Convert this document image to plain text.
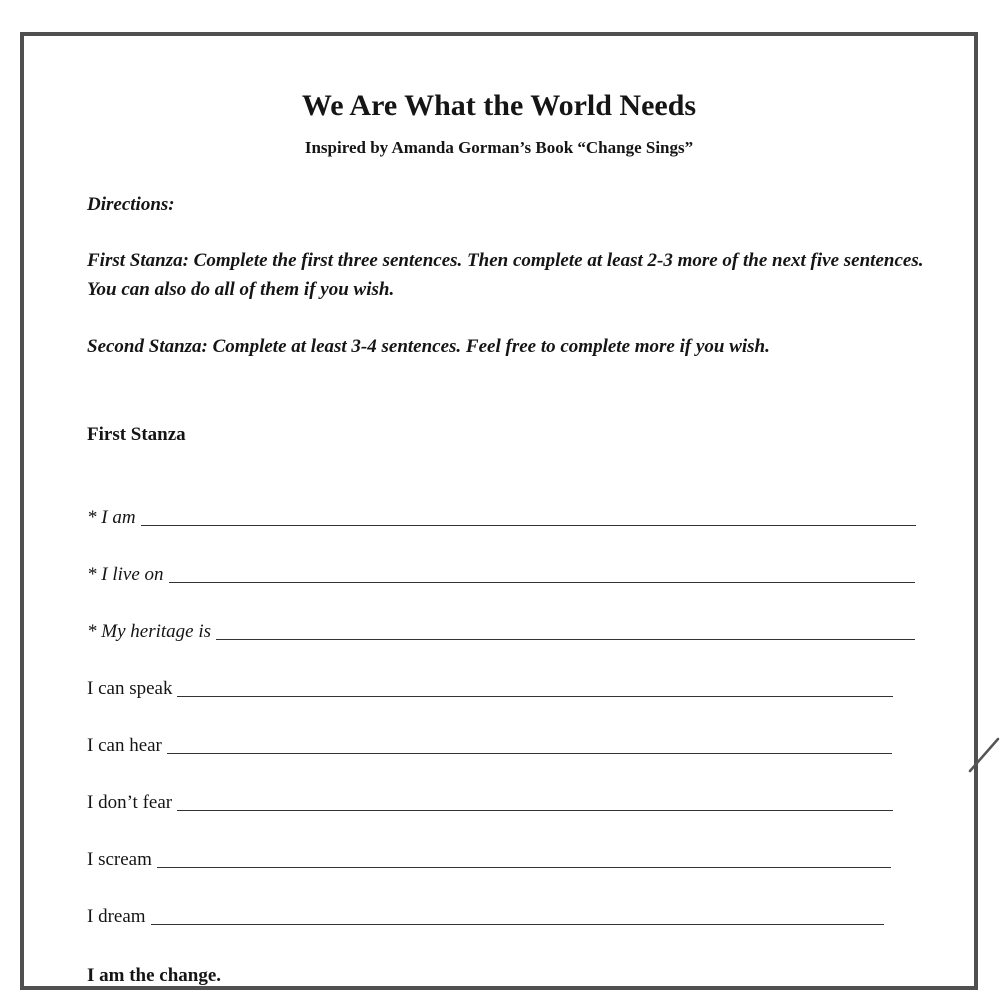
We Are What the World Needs
Inspired by Amanda Gorman’s Book “Change Sings”
Directions:
First Stanza: Complete the first three sentences. Then complete at least 2-3 more of the next five sentences. You can also do all of them if you wish.
Second Stanza: Complete at least 3-4 sentences. Feel free to complete more if you wish.
First Stanza
* I am
* I live on
* My heritage is
I can speak
I can hear
I don’t fear
I scream
I dream
I am the change.
